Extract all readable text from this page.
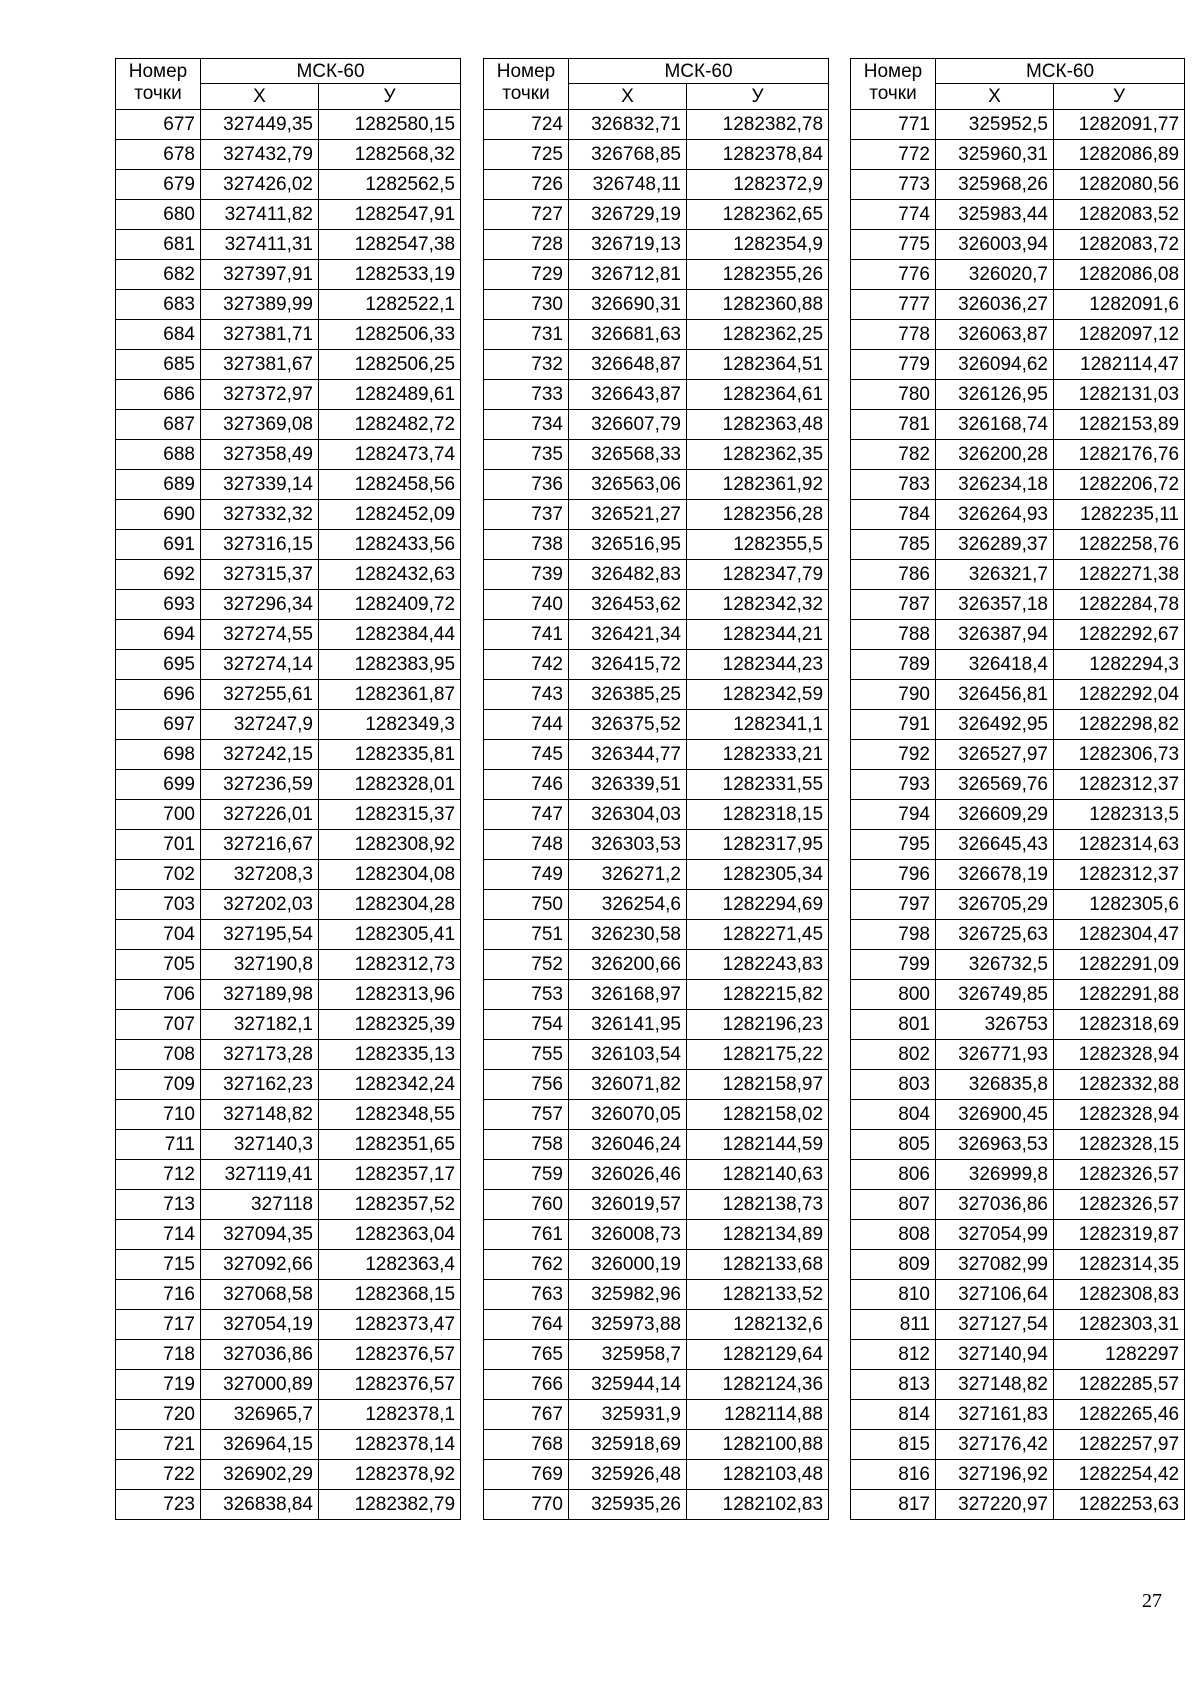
Номер
точки	МСК-60	
	Х	У
677	327449,35	1282580,15
678	327432,79	1282568,32
679	327426,02	1282562,5
680	327411,82	1282547,91
681	327411,31	1282547,38
682	327397,91	1282533,19
683	327389,99	1282522,1
684	327381,71	1282506,33
685	327381,67	1282506,25
686	327372,97	1282489,61
687	327369,08	1282482,72
688	327358,49	1282473,74
689	327339,14	1282458,56
690	327332,32	1282452,09
691	327316,15	1282433,56
692	327315,37	1282432,63
693	327296,34	1282409,72
694	327274,55	1282384,44
695	327274,14	1282383,95
696	327255,61	1282361,87
697	327247,9	1282349,3
698	327242,15	1282335,81
699	327236,59	1282328,01
700	327226,01	1282315,37
701	327216,67	1282308,92
702	327208,3	1282304,08
703	327202,03	1282304,28
704	327195,54	1282305,41
705	327190,8	1282312,73
706	327189,98	1282313,96
707	327182,1	1282325,39
708	327173,28	1282335,13
709	327162,23	1282342,24
710	327148,82	1282348,55
711	327140,3	1282351,65
712	327119,41	1282357,17
713	327118	1282357,52
714	327094,35	1282363,04
715	327092,66	1282363,4
716	327068,58	1282368,15
717	327054,19	1282373,47
718	327036,86	1282376,57
719	327000,89	1282376,57
720	326965,7	1282378,1
721	326964,15	1282378,14
722	326902,29	1282378,92
723	326838,84	1282382,79
Номер
точки	МСК-60	
	Х	У
724	326832,71	1282382,78
725	326768,85	1282378,84
726	326748,11	1282372,9
727	326729,19	1282362,65
728	326719,13	1282354,9
729	326712,81	1282355,26
730	326690,31	1282360,88
731	326681,63	1282362,25
732	326648,87	1282364,51
733	326643,87	1282364,61
734	326607,79	1282363,48
735	326568,33	1282362,35
736	326563,06	1282361,92
737	326521,27	1282356,28
738	326516,95	1282355,5
739	326482,83	1282347,79
740	326453,62	1282342,32
741	326421,34	1282344,21
742	326415,72	1282344,23
743	326385,25	1282342,59
744	326375,52	1282341,1
745	326344,77	1282333,21
746	326339,51	1282331,55
747	326304,03	1282318,15
748	326303,53	1282317,95
749	326271,2	1282305,34
750	326254,6	1282294,69
751	326230,58	1282271,45
752	326200,66	1282243,83
753	326168,97	1282215,82
754	326141,95	1282196,23
755	326103,54	1282175,22
756	326071,82	1282158,97
757	326070,05	1282158,02
758	326046,24	1282144,59
759	326026,46	1282140,63
760	326019,57	1282138,73
761	326008,73	1282134,89
762	326000,19	1282133,68
763	325982,96	1282133,52
764	325973,88	1282132,6
765	325958,7	1282129,64
766	325944,14	1282124,36
767	325931,9	1282114,88
768	325918,69	1282100,88
769	325926,48	1282103,48
770	325935,26	1282102,83
Номер
точки	МСК-60	
	Х	У
771	325952,5	1282091,77
772	325960,31	1282086,89
773	325968,26	1282080,56
774	325983,44	1282083,52
775	326003,94	1282083,72
776	326020,7	1282086,08
777	326036,27	1282091,6
778	326063,87	1282097,12
779	326094,62	1282114,47
780	326126,95	1282131,03
781	326168,74	1282153,89
782	326200,28	1282176,76
783	326234,18	1282206,72
784	326264,93	1282235,11
785	326289,37	1282258,76
786	326321,7	1282271,38
787	326357,18	1282284,78
788	326387,94	1282292,67
789	326418,4	1282294,3
790	326456,81	1282292,04
791	326492,95	1282298,82
792	326527,97	1282306,73
793	326569,76	1282312,37
794	326609,29	1282313,5
795	326645,43	1282314,63
796	326678,19	1282312,37
797	326705,29	1282305,6
798	326725,63	1282304,47
799	326732,5	1282291,09
800	326749,85	1282291,88
801	326753	1282318,69
802	326771,93	1282328,94
803	326835,8	1282332,88
804	326900,45	1282328,94
805	326963,53	1282328,15
806	326999,8	1282326,57
807	327036,86	1282326,57
808	327054,99	1282319,87
809	327082,99	1282314,35
810	327106,64	1282308,83
811	327127,54	1282303,31
812	327140,94	1282297
813	327148,82	1282285,57
814	327161,83	1282265,46
815	327176,42	1282257,97
816	327196,92	1282254,42
817	327220,97	1282253,63
27
